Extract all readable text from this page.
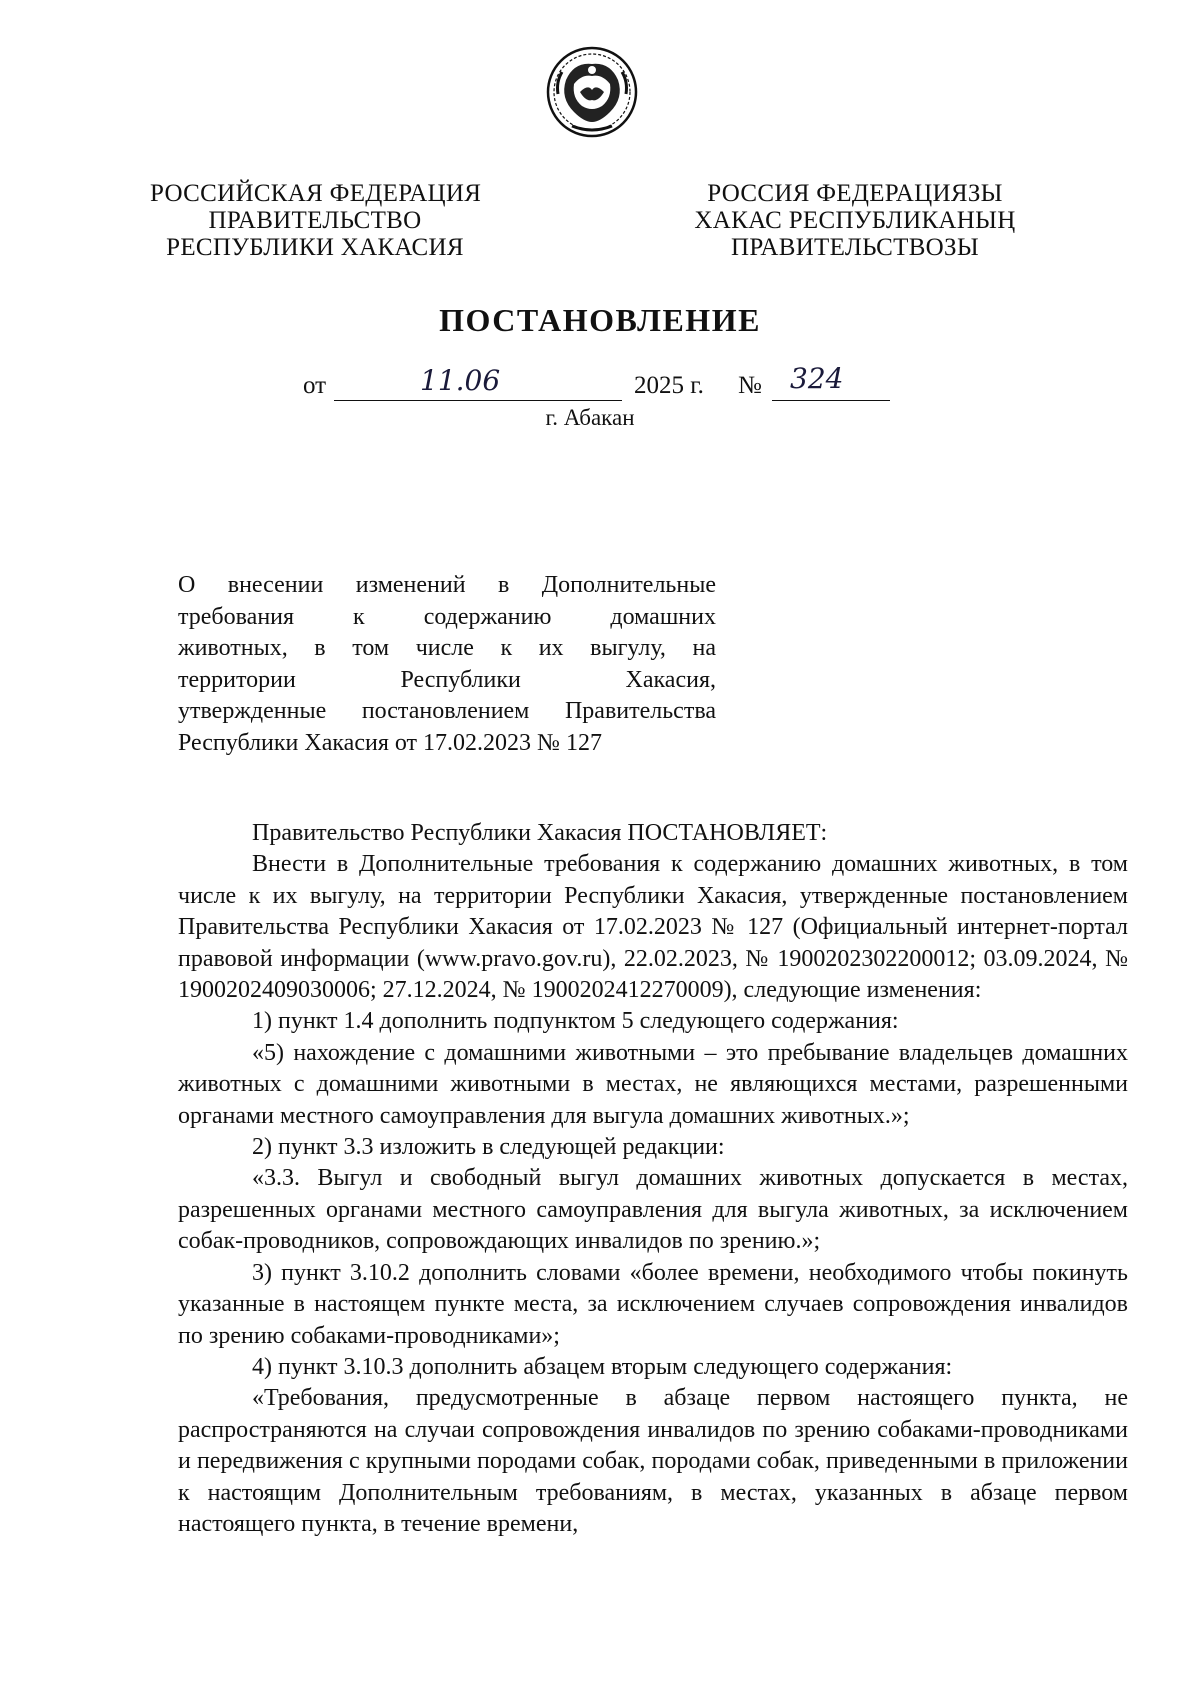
РОССИЙСКАЯ ФЕДЕРАЦИЯ
ПРАВИТЕЛЬСТВО
РЕСПУБЛИКИ ХАКАСИЯ
РОССИЯ ФЕДЕРАЦИЯЗЫ
ХАКАС РЕСПУБЛИКАНЫҢ
ПРАВИТЕЛЬСТВОЗЫ
ПОСТАНОВЛЕНИЕ
от	11.06	2025 г. № 324
г. Абакан
О внесении изменений в Дополнительные
требования к содержанию домашних
животных, в том числе к их выгулу, на
территории Республики Хакасия,
утвержденные постановлением Правительства
Республики Хакасия от 17.02.2023 № 127

Правительство Республики Хакасия ПОСТАНОВЛЯЕТ:

Внести в Дополнительные требования к содержанию домашних животных, в том числе к их выгулу, на территории Республики Хакасия, утвержденные постановлением Правительства Республики Хакасия от 17.02.2023 № 127 (Официальный интернет-портал правовой информации (www.pravo.gov.ru), 22.02.2023, № 1900202302200012; 03.09.2024, № 1900202409030006; 27.12.2024, № 1900202412270009), следующие изменения:

1) пункт 1.4 дополнить подпунктом 5 следующего содержания:

«5) нахождение с домашними животными – это пребывание владельцев домашних животных с домашними животными в местах, не являющихся местами, разрешенными органами местного самоуправления для выгула домашних животных.»;

2) пункт 3.3 изложить в следующей редакции:

«3.3. Выгул и свободный выгул домашних животных допускается в местах, разрешенных органами местного самоуправления для выгула животных, за исключением собак-проводников, сопровождающих инвалидов по зрению.»;

3) пункт 3.10.2 дополнить словами «более времени, необходимого чтобы покинуть указанные в настоящем пункте места, за исключением случаев сопровождения инвалидов по зрению собаками-проводниками»;

4) пункт 3.10.3 дополнить абзацем вторым следующего содержания:

«Требования, предусмотренные в абзаце первом настоящего пункта, не распространяются на случаи сопровождения инвалидов по зрению собаками-проводниками и передвижения с крупными породами собак, породами собак, приведенными в приложении к настоящим Дополнительным требованиям, в местах, указанных в абзаце первом настоящего пункта, в течение времени,
